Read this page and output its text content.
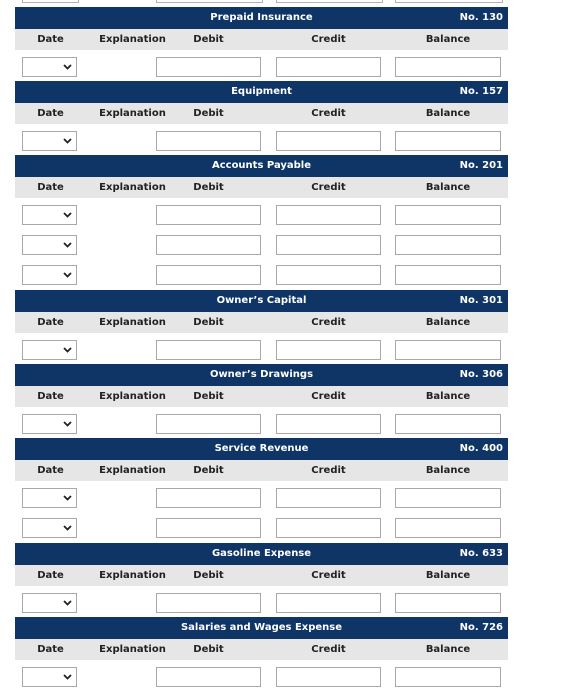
Prepaid Insurance	No. 130
Date	Explanation	Debit	Credit	Balance
Equipment	No. 157
Date	Explanation	Debit	Credit	Balance
Accounts Payable	No. 201
Date	Explanation	Debit	Credit	Balance
Owner’s Capital	No. 301
Date	Explanation	Debit	Credit	Balance
Owner’s Drawings	No. 306
Date	Explanation	Debit	Credit	Balance
Service Revenue	No. 400
Date	Explanation	Debit	Credit	Balance
Gasoline Expense	No. 633
Date	Explanation	Debit	Credit	Balance
Salaries and Wages Expense	No. 726
Date	Explanation	Debit	Credit	Balance
